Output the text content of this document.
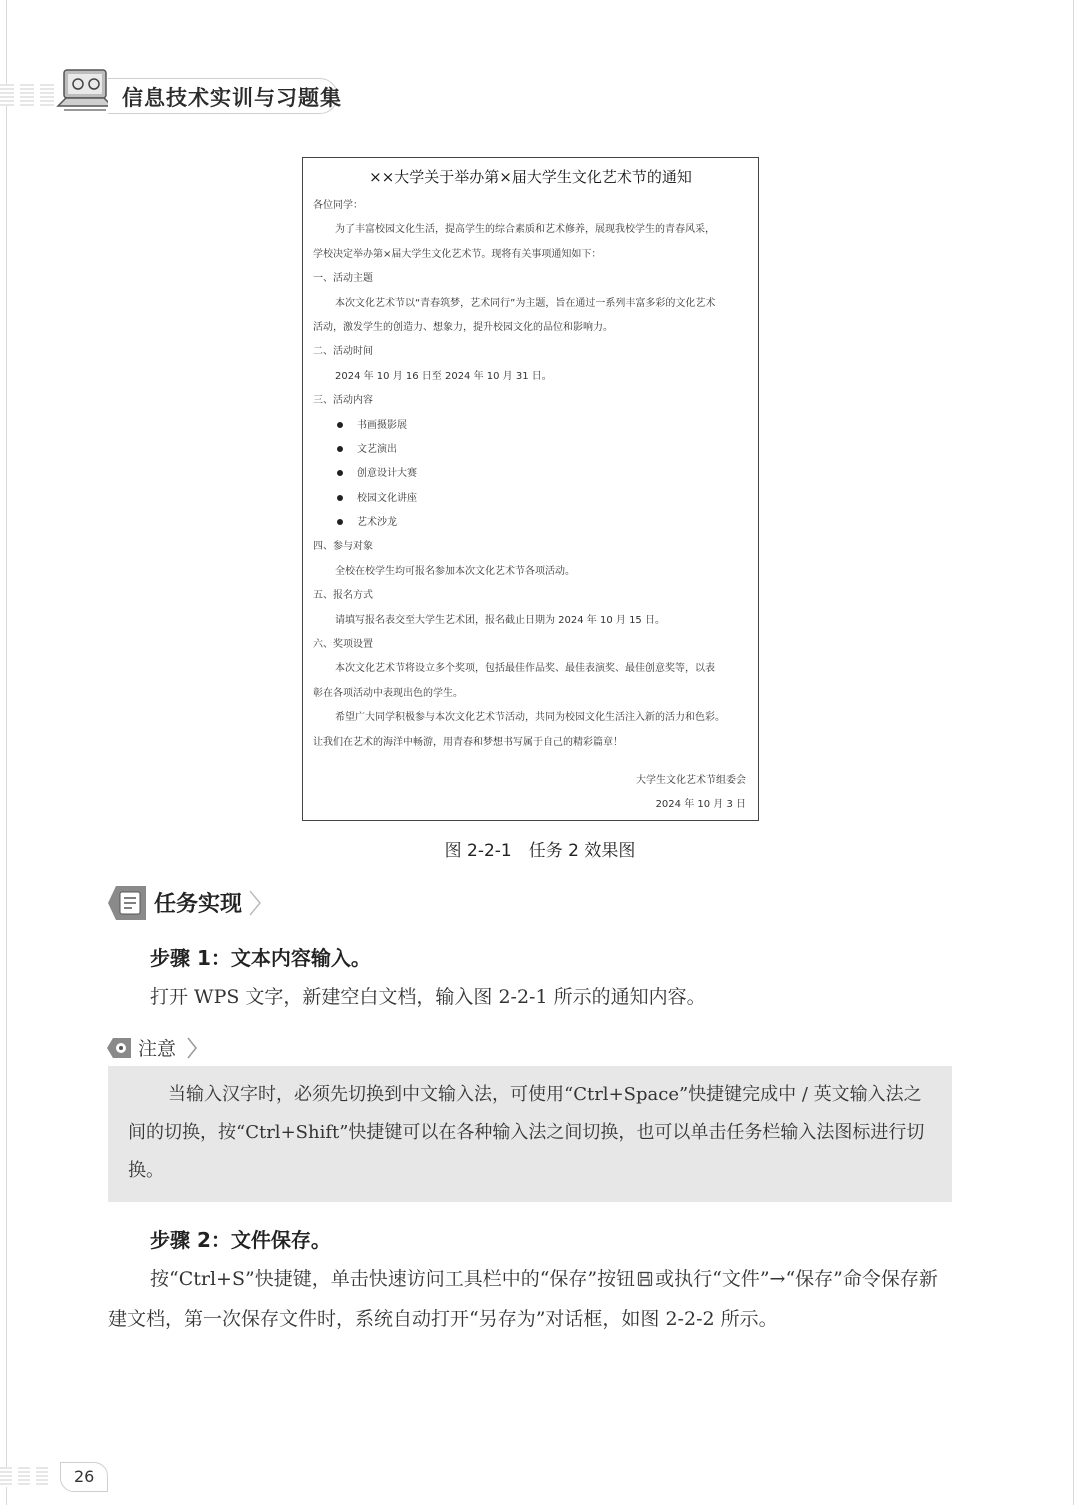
信息技术实训与习题集
××大学关于举办第×届大学生文化艺术节的通知
各位同学：
为了丰富校园文化生活，提高学生的综合素质和艺术修养，展现我校学生的青春风采，
学校决定举办第×届大学生文化艺术节。现将有关事项通知如下：
一、活动主题
本次文化艺术节以“青春筑梦，艺术同行”为主题，旨在通过一系列丰富多彩的文化艺术
活动，激发学生的创造力、想象力，提升校园文化的品位和影响力。
二、活动时间
2024 年 10 月 16 日至 2024 年 10 月 31 日。
三、活动内容
书画摄影展
文艺演出
创意设计大赛
校园文化讲座
艺术沙龙
四、参与对象
全校在校学生均可报名参加本次文化艺术节各项活动。
五、报名方式
请填写报名表交至大学生艺术团，报名截止日期为 2024 年 10 月 15 日。
六、奖项设置
本次文化艺术节将设立多个奖项，包括最佳作品奖、最佳表演奖、最佳创意奖等，以表
彰在各项活动中表现出色的学生。
希望广大同学积极参与本次文化艺术节活动，共同为校园文化生活注入新的活力和色彩。
让我们在艺术的海洋中畅游，用青春和梦想书写属于自己的精彩篇章！
大学生文化艺术节组委会
2024 年 10 月 3 日
图 2-2-1　任务 2 效果图
任务实现
步骤 1：文本内容输入。
打开 WPS 文字，新建空白文档，输入图 2-2-1 所示的通知内容。
注意
当输入汉字时，必须先切换到中文输入法，可使用“Ctrl+Space”快捷键完成中 / 英文输入法之间的切换，按“Ctrl+Shift”快捷键可以在各种输入法之间切换，也可以单击任务栏输入法图标进行切换。
步骤 2：文件保存。
按“Ctrl+S”快捷键，单击快速访问工具栏中的“保存”按钮 或执行“文件”→“保存”命令保存新建文档，第一次保存文件时，系统自动打开“另存为”对话框，如图 2-2-2 所示。
26
